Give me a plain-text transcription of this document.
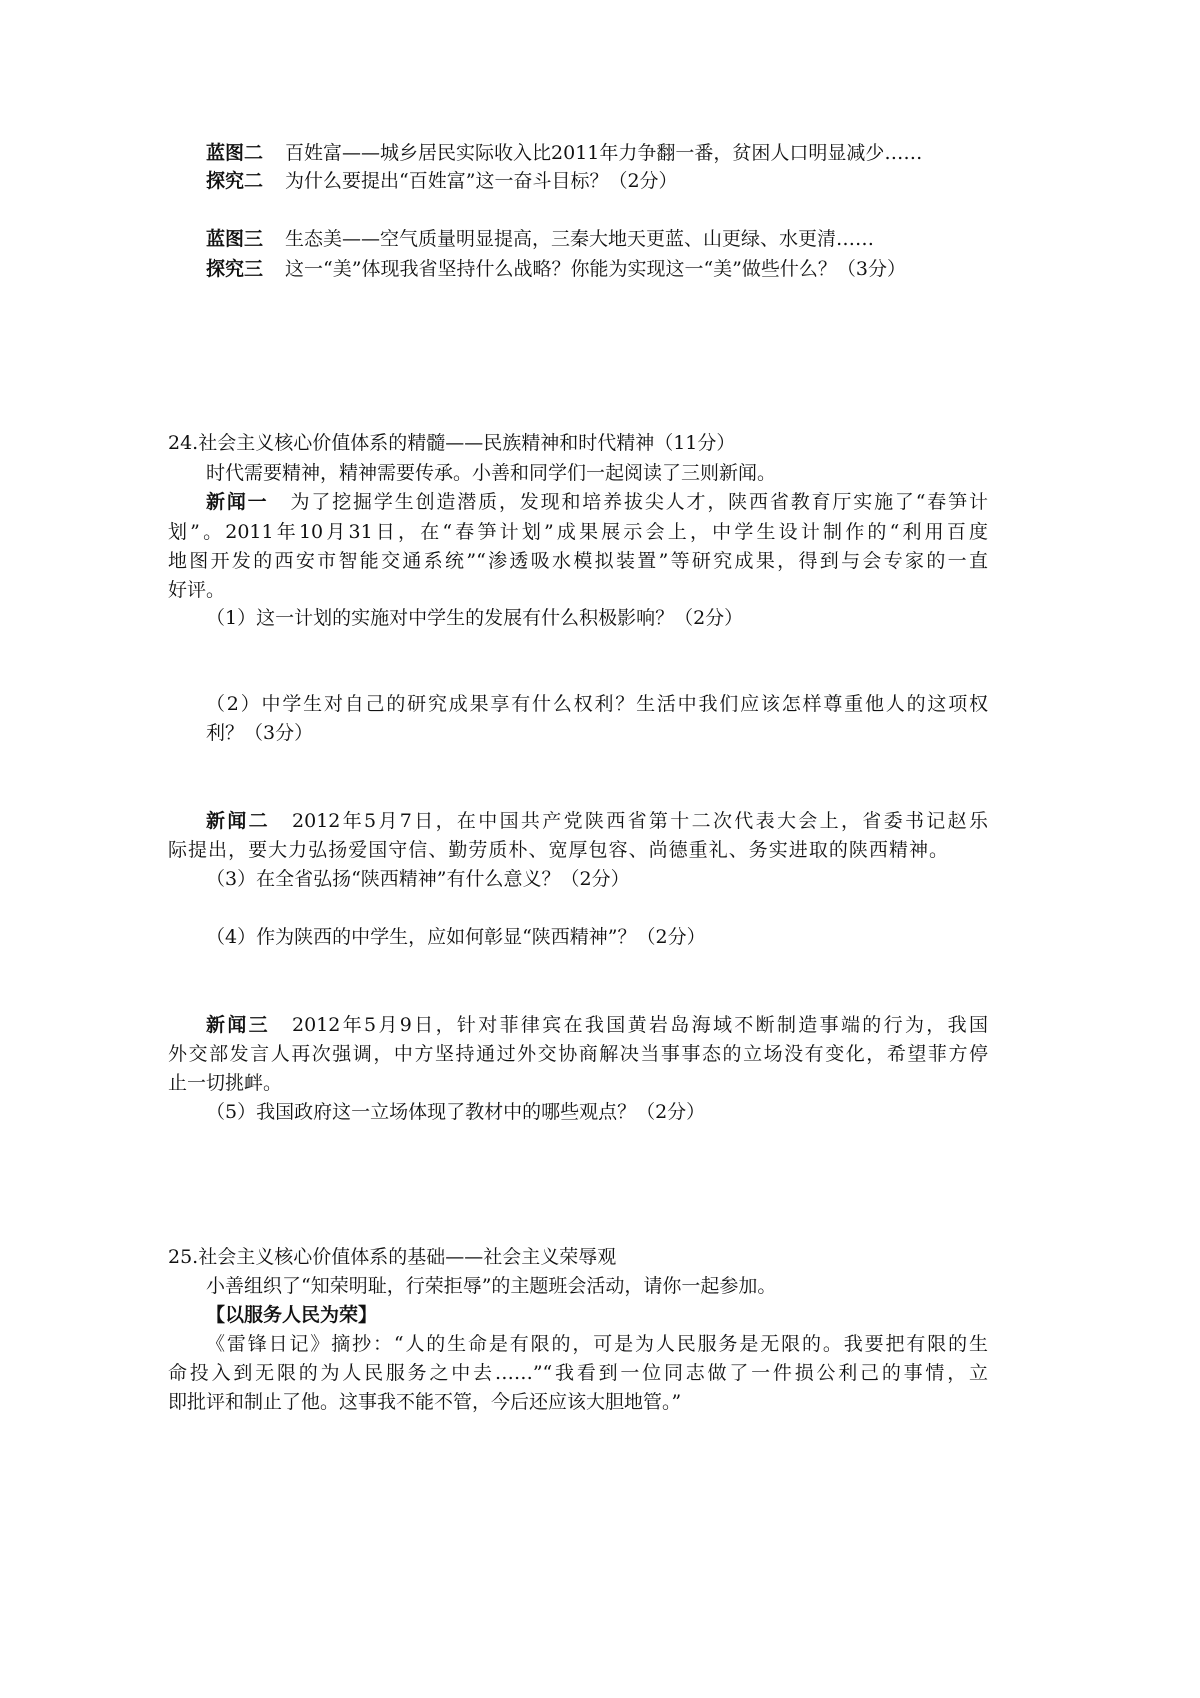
蓝图二 百姓富——城乡居民实际收入比2011年力争翻一番，贫困人口明显减少……
探究二 为什么要提出“百姓富”这一奋斗目标？（2分）
蓝图三 生态美——空气质量明显提高，三秦大地天更蓝、山更绿、水更清……
探究三 这一“美”体现我省坚持什么战略？你能为实现这一“美”做些什么？（3分）
24.社会主义核心价值体系的精髓——民族精神和时代精神（11分）
时代需要精神，精神需要传承。小善和同学们一起阅读了三则新闻。
新闻一 为了挖掘学生创造潜质，发现和培养拔尖人才，陕西省教育厅实施了“春笋计
划”。2011年10月31日，在“春笋计划”成果展示会上，中学生设计制作的“利用百度
地图开发的西安市智能交通系统”“渗透吸水模拟装置”等研究成果，得到与会专家的一直
好评。
（1）这一计划的实施对中学生的发展有什么积极影响？（2分）
（2）中学生对自己的研究成果享有什么权利？生活中我们应该怎样尊重他人的这项权
利？（3分）
新闻二 2012年5月7日，在中国共产党陕西省第十二次代表大会上，省委书记赵乐
际提出，要大力弘扬爱国守信、勤劳质朴、宽厚包容、尚德重礼、务实进取的陕西精神。
（3）在全省弘扬“陕西精神”有什么意义？（2分）
（4）作为陕西的中学生，应如何彰显“陕西精神”？（2分）
新闻三 2012年5月9日，针对菲律宾在我国黄岩岛海域不断制造事端的行为，我国
外交部发言人再次强调，中方坚持通过外交协商解决当事事态的立场没有变化，希望菲方停
止一切挑衅。
（5）我国政府这一立场体现了教材中的哪些观点？（2分）
25.社会主义核心价值体系的基础——社会主义荣辱观
小善组织了“知荣明耻，行荣拒辱”的主题班会活动，请你一起参加。
【以服务人民为荣】
《雷锋日记》摘抄：“人的生命是有限的，可是为人民服务是无限的。我要把有限的生
命投入到无限的为人民服务之中去……”“我看到一位同志做了一件损公利己的事情，立
即批评和制止了他。这事我不能不管，今后还应该大胆地管。”
